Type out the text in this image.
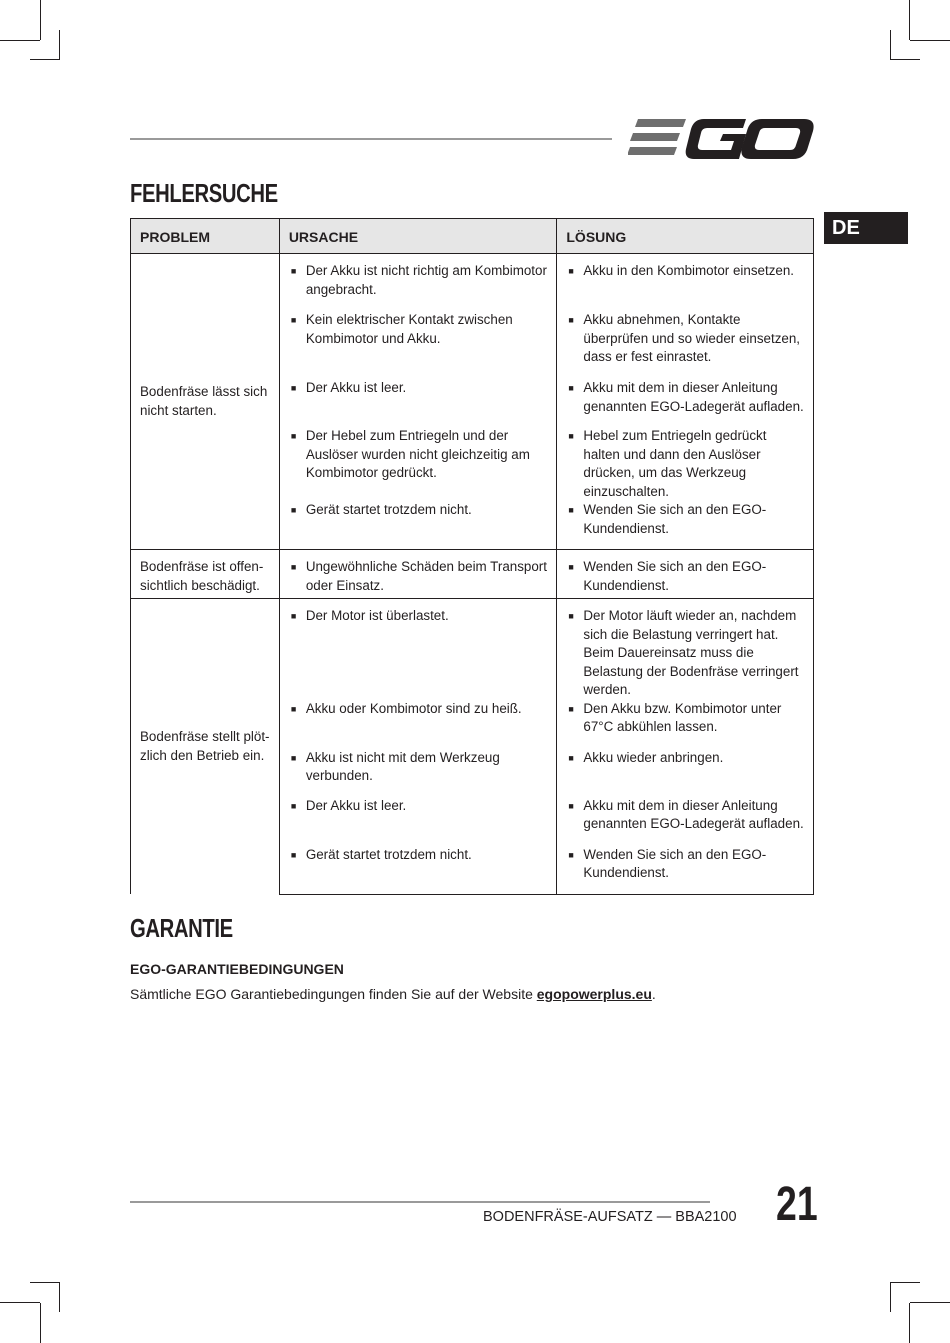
DE
FEHLERSUCHE
PROBLEM	URSACHE	LÖSUNG
Bodenfräse lässt sich nicht starten.	■ Der Akku ist nicht richtig am Kombimotor angebracht.	■ Akku in den Kombimotor einsetzen.

	■ Kein elektrischer Kontakt zwischen Kombimotor und Akku.	■ Akku abnehmen, Kontakte überprüfen und so wieder einsetzen, dass er fest einrastet.

	■ Der Akku ist leer.	■ Akku mit dem in dieser Anleitung genannten EGO-Ladegerät aufladen.

	■ Der Hebel zum Entriegeln und der Auslöser wurden nicht gleichzeitig am Kombimotor gedrückt.	■ Hebel zum Entriegeln gedrückt halten und dann den Auslöser drücken, um das Werkzeug einzuschalten.

	■ Gerät startet trotzdem nicht.	■ Wenden Sie sich an den EGO-Kundendienst.

Bodenfräse ist offen-sichtlich beschädigt.	■ Ungewöhnliche Schäden beim Transport oder Einsatz.	■ Wenden Sie sich an den EGO-Kundendienst.

Bodenfräse stellt plöt-zlich den Betrieb ein.	■ Der Motor ist überlastet.	■ Der Motor läuft wieder an, nachdem sich die Belastung verringert hat. Beim Dauereinsatz muss die Belastung der Bodenfräse verringert werden.

	■ Akku oder Kombimotor sind zu heiß.	■ Den Akku bzw. Kombimotor unter 67°C abkühlen lassen.

	■ Akku ist nicht mit dem Werkzeug verbunden.	■ Akku wieder anbringen.

	■ Der Akku ist leer.	■ Akku mit dem in dieser Anleitung genannten EGO-Ladegerät aufladen.

	■ Gerät startet trotzdem nicht.	■ Wenden Sie sich an den EGO-Kundendienst.
GARANTIE
EGO-GARANTIEBEDINGUNGEN
Sämtliche EGO Garantiebedingungen finden Sie auf der Website egopowerplus.eu.
BODENFRÄSE-AUFSATZ — BBA2100 21
